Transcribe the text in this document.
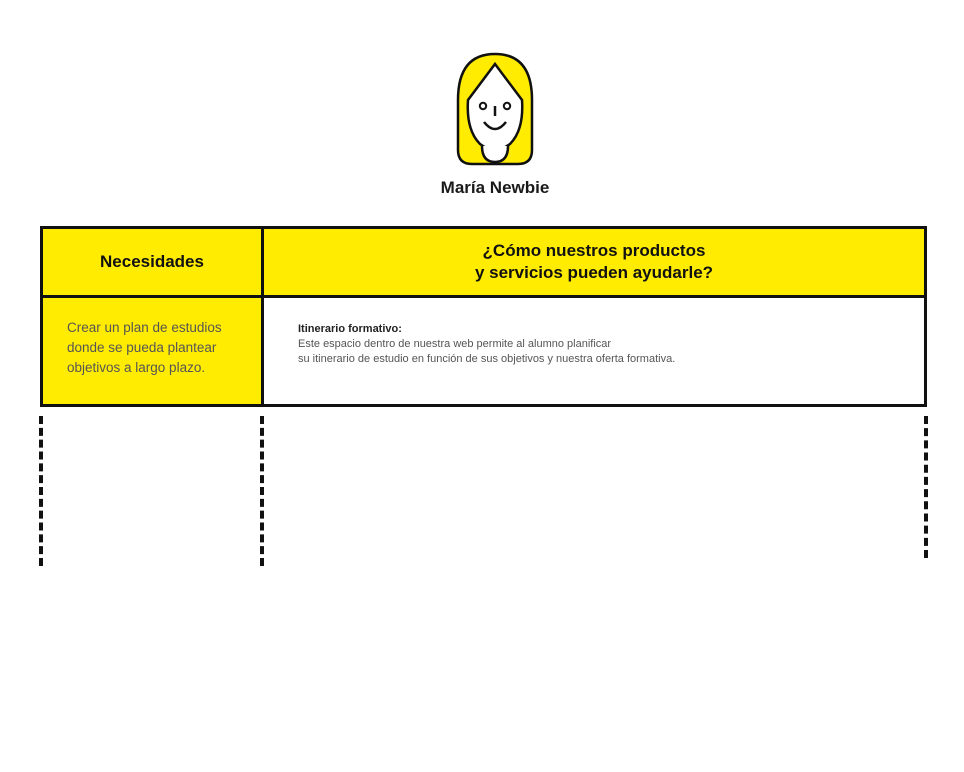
María Newbie
Necesidades
¿Cómo nuestros productos
y servicios pueden ayudarle?
Crear un plan de estudios donde se pueda plantear objetivos a largo plazo.
Itinerario formativo:
Este espacio dentro de nuestra web permite al alumno planificar
su itinerario de estudio en función de sus objetivos y nuestra oferta formativa.
